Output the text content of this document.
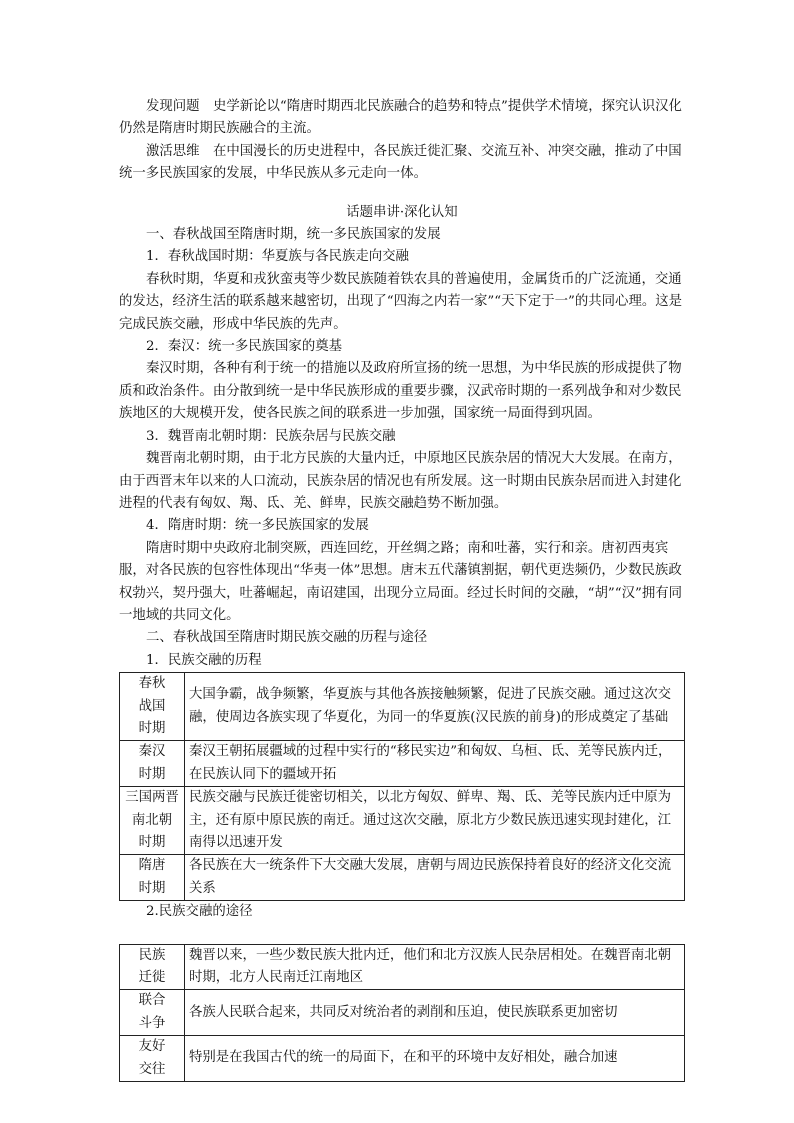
发现问题　史学新论以“隋唐时期西北民族融合的趋势和特点”提供学术情境，探究认识汉化仍然是隋唐时期民族融合的主流。

激活思维　在中国漫长的历史进程中，各民族迁徙汇聚、交流互补、冲突交融，推动了中国统一多民族国家的发展，中华民族从多元走向一体。

话题串讲·深化认知

一、春秋战国至隋唐时期，统一多民族国家的发展

1．春秋战国时期：华夏族与各民族走向交融

春秋时期，华夏和戎狄蛮夷等少数民族随着铁农具的普遍使用，金属货币的广泛流通，交通的发达，经济生活的联系越来越密切，出现了“四海之内若一家”“天下定于一”的共同心理。这是完成民族交融，形成中华民族的先声。

2．秦汉：统一多民族国家的奠基

秦汉时期，各种有利于统一的措施以及政府所宣扬的统一思想，为中华民族的形成提供了物质和政治条件。由分散到统一是中华民族形成的重要步骤，汉武帝时期的一系列战争和对少数民族地区的大规模开发，使各民族之间的联系进一步加强，国家统一局面得到巩固。

3．魏晋南北朝时期：民族杂居与民族交融

魏晋南北朝时期，由于北方民族的大量内迁，中原地区民族杂居的情况大大发展。在南方，由于西晋末年以来的人口流动，民族杂居的情况也有所发展。这一时期由民族杂居而进入封建化进程的代表有匈奴、羯、氐、羌、鲜卑，民族交融趋势不断加强。

4．隋唐时期：统一多民族国家的发展

隋唐时期中央政府北制突厥，西连回纥，开丝绸之路；南和吐蕃，实行和亲。唐初西夷宾服，对各民族的包容性体现出“华夷一体”思想。唐末五代藩镇割据，朝代更迭频仍，少数民族政权勃兴，契丹强大，吐蕃崛起，南诏建国，出现分立局面。经过长时间的交融，“胡”“汉”拥有同一地域的共同文化。

二、春秋战国至隋唐时期民族交融的历程与途径

1．民族交融的历程

春秋
战国
时期	大国争霸，战争频繁，华夏族与其他各族接触频繁，促进了民族交融。通过这次交融，使周边各族实现了华夏化，为同一的华夏族(汉民族的前身)的形成奠定了基础

秦汉
时期	秦汉王朝拓展疆域的过程中实行的“移民实边”和匈奴、乌桓、氐、羌等民族内迁，在民族认同下的疆域开拓

三国两晋
南北朝
时期	民族交融与民族迁徙密切相关，以北方匈奴、鲜卑、羯、氐、羌等民族内迁中原为主，还有原中原民族的南迁。通过这次交融，原北方少数民族迅速实现封建化，江南得以迅速开发

隋唐
时期	各民族在大一统条件下大交融大发展，唐朝与周边民族保持着良好的经济文化交流关系

2.民族交融的途径

民族
迁徙	魏晋以来，一些少数民族大批内迁，他们和北方汉族人民杂居相处。在魏晋南北朝时期，北方人民南迁江南地区

联合
斗争	各族人民联合起来，共同反对统治者的剥削和压迫，使民族联系更加密切

友好
交往	特别是在我国古代的统一的局面下，在和平的环境中友好相处，融合加速
